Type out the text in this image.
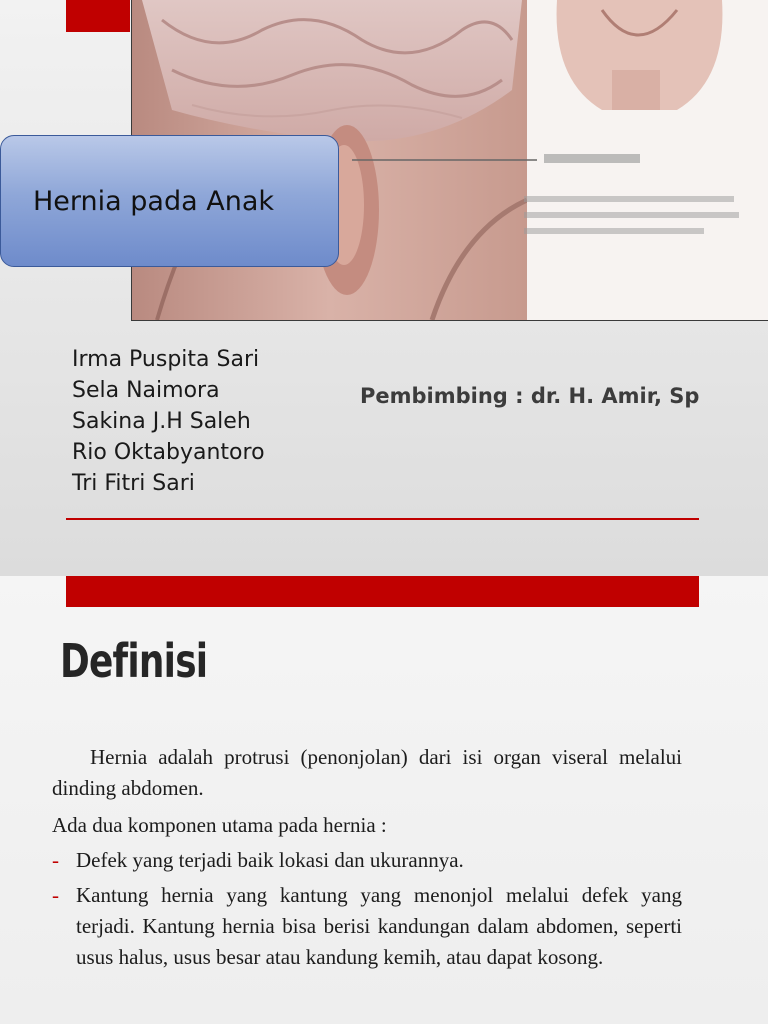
Hernia pada Anak
Irma Puspita Sari
Sela Naimora
Sakina J.H Saleh
Rio Oktabyantoro
Tri Fitri Sari
Pembimbing : dr. H. Amir, Sp
Definisi

Hernia adalah protrusi (penonjolan) dari isi organ viseral melalui dinding abdomen.

Ada dua komponen utama pada hernia :

- Defek yang terjadi baik lokasi dan ukurannya.
- Kantung hernia yang kantung yang menonjol melalui defek yang terjadi. Kantung hernia bisa berisi kandungan dalam abdomen, seperti usus halus, usus besar atau kandung kemih, atau dapat kosong.
